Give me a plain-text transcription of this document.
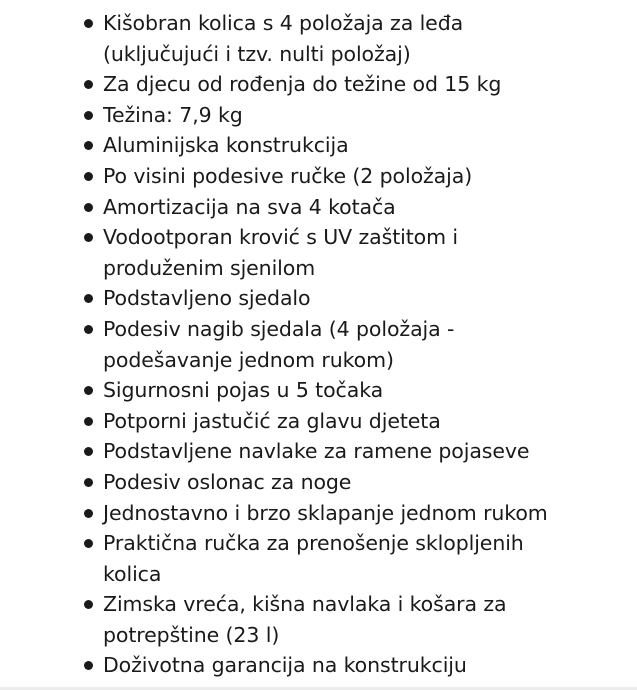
Kišobran kolica s 4 položaja za leđa
(uključujući i tzv. nulti položaj)
Za djecu od rođenja do težine od 15 kg
Težina: 7,9 kg
Aluminijska konstrukcija
Po visini podesive ručke (2 položaja)
Amortizacija na sva 4 kotača
Vodootporan krović s UV zaštitom i
produženim sjenilom
Podstavljeno sjedalo
Podesiv nagib sjedala (4 položaja -
podešavanje jednom rukom)
Sigurnosni pojas u 5 točaka
Potporni jastučić za glavu djeteta
Podstavljene navlake za ramene pojaseve
Podesiv oslonac za noge
Jednostavno i brzo sklapanje jednom rukom
Praktična ručka za prenošenje sklopljenih
kolica
Zimska vreća, kišna navlaka i košara za
potrepštine (23 l)
Doživotna garancija na konstrukciju
